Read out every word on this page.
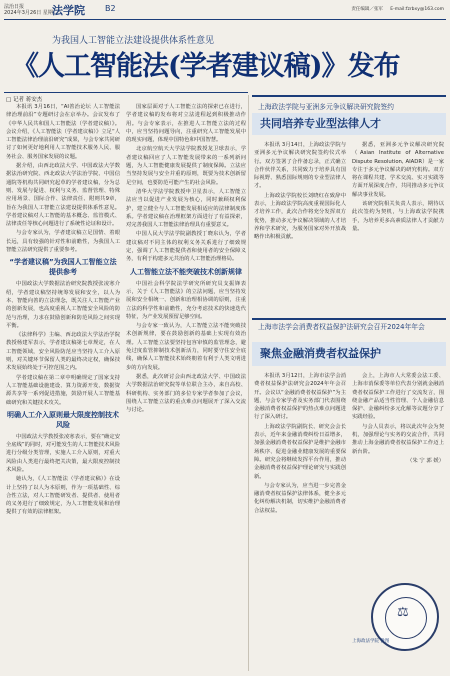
法治日报
2024年3月26日 星期二
法学院	B2	责任编辑／张军 　 E-mail:fzrbxy@163.com
为我国人工智能立法建设提供体系性意见
《人工智能法(学者建议稿)》发布
□ 记者 蒋安杰

本报讯 3月16日，“AI善治论坛 人工智能法律治理前沿”专题研讨会在京举办。会议发布了《中华人民共和国人工智能法（学者建议稿）》。会议介绍，《人工智能法（学者建议稿）》立足“人工智能法律治理前沿研究”成果，与会专家共同研讨了如何更好地利用人工智能技术服务人民、服务社会、服务国家发展的议题。

据介绍，由西北政法大学、中国政法大学数据法治研究院、西北政法大学法治学院、中国信通院等机构共同研究起草的学者建议稿，分为总则、发展与促进、权利与义务、监督管理、特殊应用场景、国际合作、法律责任、附则共9章，旨在为我国人工智能立法建设提供体系性意见。学者建议稿对人工智能的基本概念、监管模式、法律责任等核心问题进行了系统性论证和设计。

与会专家认为，学者建议稿立足国情、着眼长远，具有较强的针对性和前瞻性，为我国人工智能立法研究提供了重要参考。

“学者建议稿”为我国人工智能立法提供参考

中国政法大学数据法治研究院教授张凌寒介绍，学者建议稿坚持统筹发展和安全，以人为本、智能向善的立法理念，既关注人工智能产业的创新发展，也高度重视人工智能安全风险的防范与治理，力求在鼓励创新和防范风险之间实现平衡。

《法律科学》主编、西北政法大学法治学院教授杨建军表示，学者建议稿第七章规定，在人工智能领域，安全风险防范应当坚持人工介入原则，对关键环节保留人类的最终决定权，确保技术发展始终处于可控范围之内。

学者建议稿在第二章中明确规定了国家支持人工智能基础设施建设、算力资源开发、数据资源共享等一系列促进措施，鼓励开展人工智能基础研究和关键技术攻关。

明确人工介入原则最大限度控制技术风险

中国政法大学教授张凌寒表示，要在“确定安全底线”的同时，对可能发生的人工智能技术风险进行分级分类管理，实施人工介入原则，对重大风险由人类进行最终把关决策，最大限度控制技术风险。

她认为，《人工智能法（学者建议稿）》在设计上坚持了以人为本原则，作为一项基础性、综合性立法，对人工智能研发者、提供者、使用者的义务进行了细致规定，为人工智能发展和治理提供了有效的法律框架。

国家层面对于人工智能立法的探索已在进行，学者建议稿的发布将对立法进程起到积极推动作用。与会专家表示，在推进人工智能立法的过程中，应当坚持问题导向，注重研究人工智能发展中的现实问题，体现中国特色和中国智慧。

北京航空航天大学法学院教授龙卫球表示，学者建议稿回应了人工智能发展带来的一系列新问题，为人工智能健康发展提供了制度保障。立法应当坚持发展与安全并重的原则，既要为技术创新留足空间，也要防范可能产生的社会风险。

清华大学法学院教授申卫星表示，人工智能立法应当以促进产业发展为核心，同时兼顾权利保护，建立健全与人工智能发展相适应的法律制度体系。学者建议稿在治理框架方面进行了有益探索，对完善我国人工智能法律治理具有重要意义。

中国人民大学法学院副教授丁晓东认为，学者建议稿对不同主体的权利义务关系进行了细致规定，强调了人工智能提供者和使用者的安全保障义务，有利于构建多元共治的人工智能治理格局。

人工智能立法不能突破技术创新规律

中国社会科学院法学研究所研究员支振锋表示，关于《人工智能法》的立法问题，应当坚持发展和安全相统一、创新和治理相协调的原则，注重立法的科学性和前瞻性，充分考虑技术的快速迭代特征，为产业发展预留足够空间。

与会专家一致认为，人工智能立法不能突破技术创新规律，要在鼓励创新的基础上实现有效治理。人工智能立法要坚持包容审慎的监管理念，避免过度监管抑制技术创新活力，同时要守住安全底线，确保人工智能技术始终朝着有利于人类文明进步的方向发展。

据悉，此次研讨会由西北政法大学、中国政法大学数据法治研究院等单位联合主办，来自高校、科研机构、实务部门的多位专家学者参加了会议，围绕人工智能立法的重点难点问题展开了深入交流与讨论。

上海政法学院与亚洲多元争议解决研究院签约
共同培养专业型法律人才

本报讯 3月14日，上海政法学院与亚洲多元争议解决研究院签约仪式举行。双方签署了合作备忘录，正式确立合作伙伴关系，共同致力于培养具有国际视野、熟悉国际规则的专业型法律人才。

上海政法学院校长刘晓红在致辞中表示，上海政法学院高度重视国际化人才培养工作，此次合作将充分发挥双方优势，推动多元争议解决领域的人才培养和学术研究，为服务国家对外开放战略作出积极贡献。

据悉，亚洲多元争议解决研究院（Asian Institute of Alternative Dispute Resolution, AIADR）是一家专注于多元争议解决的研究机构。双方将在课程共建、学术交流、实习实践等方面开展深度合作，共同推动多元争议解决事业发展。

该研究院相关负责人表示，期待以此次签约为契机，与上海政法学院携手，为培养更多高素质法律人才贡献力量。

上海市法学会消费者权益保护法研究会召开2024年年会
聚焦金融消费者权益保护

本报讯 3月12日，上海市法学会消费者权益保护法研究会2024年年会召开。会议以“金融消费者权益保护”为主题，与会专家学者及实务部门代表围绕金融消费者权益保护的热点难点问题进行了深入研讨。

上海政法学院副院长、研究会会长表示，近年来金融消费纠纷日益增多，加强金融消费者权益保护是维护金融市场秩序、促进金融业健康发展的重要保障。研究会将继续发挥平台作用，推动金融消费者权益保护理论研究与实践创新。

与会专家认为，应当进一步完善金融消费者权益保护法律体系，健全多元化纠纷解决机制，切实维护金融消费者合法权益。

会上，上海市人大常委会法工委、上海市消保委等单位代表分别就金融消费者权益保护工作进行了交流发言，围绕金融产品适当性管理、个人金融信息保护、金融纠纷多元化解等议题分享了实践经验。

与会人员表示，将以此次年会为契机，加强理论与实务的交流合作，共同推动上海金融消费者权益保护工作迈上新台阶。

（朱 宁 郭 媛）

⚖
上海政法学院 供图
